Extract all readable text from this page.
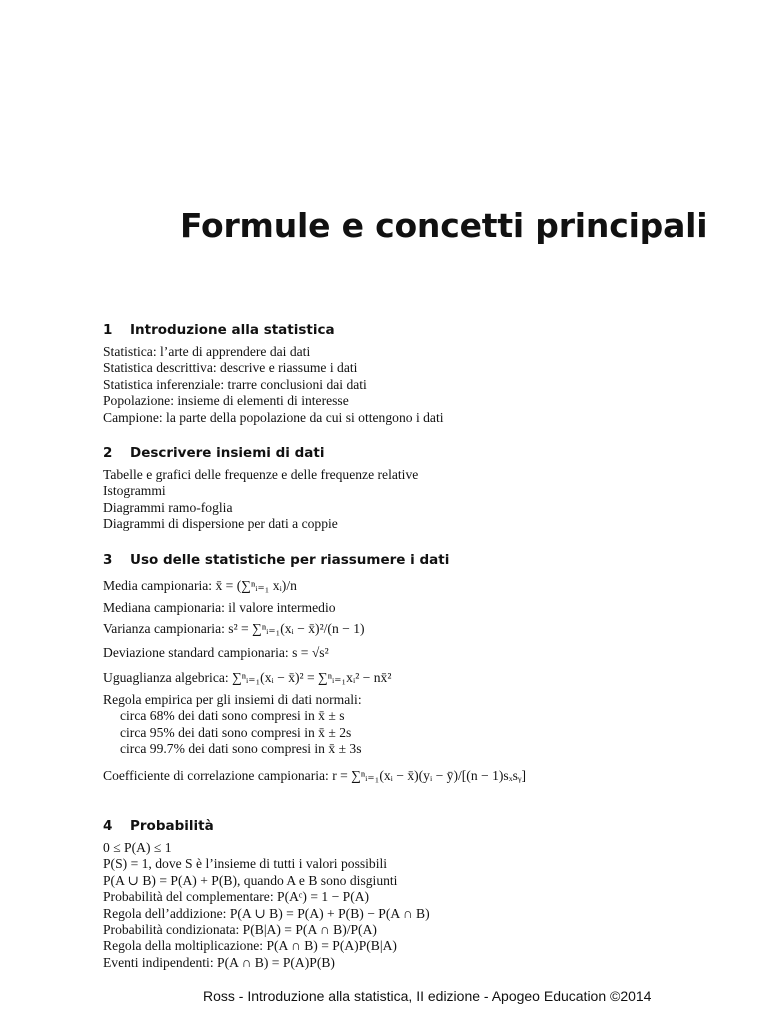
Formule e concetti principali
1 Introduzione alla statistica
Statistica: l’arte di apprendere dai dati
Statistica descrittiva: descrive e riassume i dati
Statistica inferenziale: trarre conclusioni dai dati
Popolazione: insieme di elementi di interesse
Campione: la parte della popolazione da cui si ottengono i dati
2 Descrivere insiemi di dati
Tabelle e grafici delle frequenze e delle frequenze relative
Istogrammi
Diagrammi ramo-foglia
Diagrammi di dispersione per dati a coppie
3 Uso delle statistiche per riassumere i dati
Media campionaria: x̄ = (∑ⁿᵢ₌₁ xᵢ)/n
Mediana campionaria: il valore intermedio
Varianza campionaria: s² = ∑ⁿᵢ₌₁(xᵢ − x̄)²/(n − 1)
Deviazione standard campionaria: s = √s²
Uguaglianza algebrica: ∑ⁿᵢ₌₁(xᵢ − x̄)² = ∑ⁿᵢ₌₁xᵢ² − nx̄²
Regola empirica per gli insiemi di dati normali:
circa 68% dei dati sono compresi in x̄ ± s
circa 95% dei dati sono compresi in x̄ ± 2s
circa 99.7% dei dati sono compresi in x̄ ± 3s
Coefficiente di correlazione campionaria: r = ∑ⁿᵢ₌₁(xᵢ − x̄)(yᵢ − ȳ)/[(n − 1)sₓsᵧ]
4 Probabilità
0 ≤ P(A) ≤ 1
P(S) = 1, dove S è l’insieme di tutti i valori possibili
P(A ∪ B) = P(A) + P(B), quando A e B sono disgiunti
Probabilità del complementare: P(Aᶜ) = 1 − P(A)
Regola dell’addizione: P(A ∪ B) = P(A) + P(B) − P(A ∩ B)
Probabilità condizionata: P(B|A) = P(A ∩ B)/P(A)
Regola della moltiplicazione: P(A ∩ B) = P(A)P(B|A)
Eventi indipendenti: P(A ∩ B) = P(A)P(B)
Ross - Introduzione alla statistica, II edizione - Apogeo Education ©2014
